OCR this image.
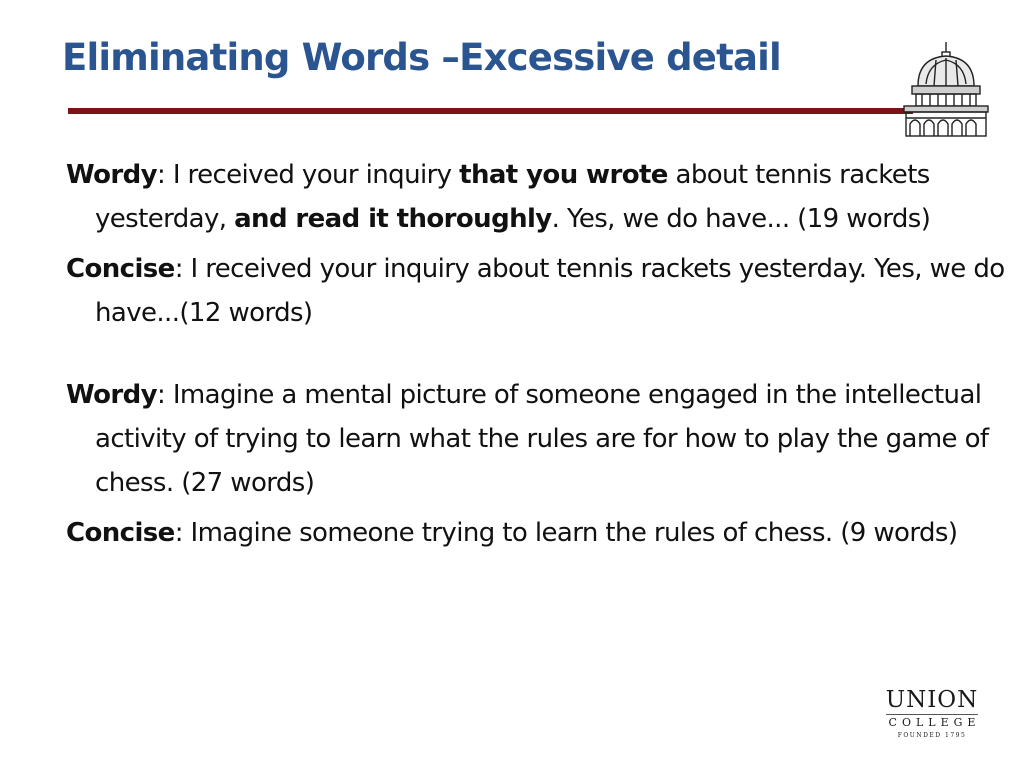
Eliminating Words –Excessive detail

Wordy: I received your inquiry that you wrote about tennis rackets yesterday, and read it thoroughly. Yes, we do have... (19 words)

Concise: I received your inquiry about tennis rackets yesterday. Yes, we do have...(12 words)

Wordy: Imagine a mental picture of someone engaged in the intellectual activity of trying to learn what the rules are for how to play the game of chess. (27 words)

Concise: Imagine someone trying to learn the rules of chess. (9 words)

UNION
COLLEGE
FOUNDED 1795
